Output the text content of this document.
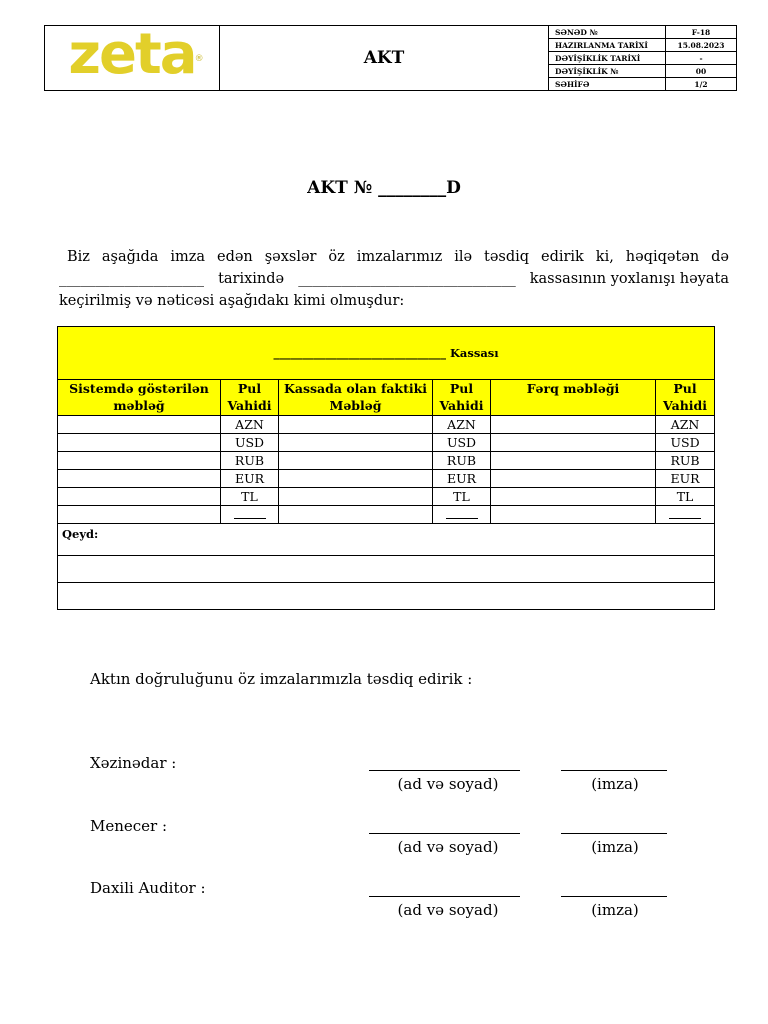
zeta ®	AKT	
SƏNƏD №	F-18
HAZIRLANMA TARİXİ	15.08.2023
DƏYİŞİKLİK TARİXİ	-
DƏYİŞİKLİK №	00
SƏHİFƏ	1/2
AKT № ________D
Biz aşağıda imza edən şəxslər öz imzalarımız ilə təsdiq edirik ki, həqiqətən də
____________________ tarixində ______________________________ kassasının yoxlanışı həyata
keçirilmiş və nəticəsi aşağıdakı kimi olmuşdur:
______________________________ Kassası					
Sistemdə göstərilən məbləğ	Pul Vahidi	Kassada olan faktiki Məbləğ	Pul Vahidi	Fərq məbləği	Pul Vahidi
	AZN		AZN		AZN
	USD		USD		USD
	RUB		RUB		RUB
	EUR		EUR		EUR
	TL		TL		TL

Qeyd:					

Aktın doğruluğunu öz imzalarımızla təsdiq edirik :
Xəzinədar :
(ad və soyad)	(imza)
Menecer :
(ad və soyad)	(imza)
Daxili Auditor :
(ad və soyad)	(imza)
